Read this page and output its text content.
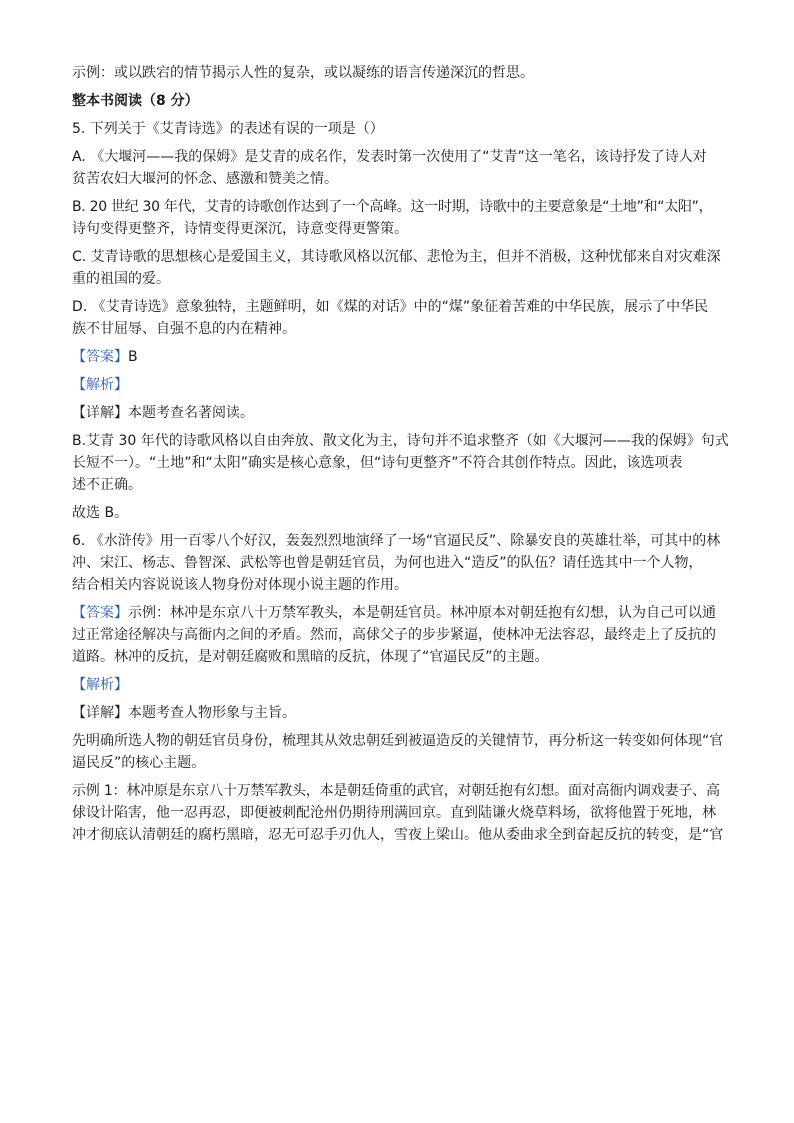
示例：或以跌宕的情节揭示人性的复杂，或以凝练的语言传递深沉的哲思。

整本书阅读（8 分）

5. 下列关于《艾青诗选》的表述有误的一项是（）

A. 《大堰河——我的保姆》是艾青的成名作，发表时第一次使用了“艾青”这一笔名，该诗抒发了诗人对

贫苦农妇大堰河的怀念、感激和赞美之情。

B. 20 世纪 30 年代，艾青的诗歌创作达到了一个高峰。这一时期，诗歌中的主要意象是“土地”和“太阳”，

诗句变得更整齐，诗情变得更深沉，诗意变得更警策。

C. 艾青诗歌的思想核心是爱国主义，其诗歌风格以沉郁、悲怆为主，但并不消极，这种忧郁来自对灾难深

重的祖国的爱。

D. 《艾青诗选》意象独特，主题鲜明，如《煤的对话》中的“煤”象征着苦难的中华民族，展示了中华民

族不甘屈辱、自强不息的内在精神。

【答案】B

【解析】

【详解】本题考查名著阅读。

B.艾青 30 年代的诗歌风格以自由奔放、散文化为主，诗句并不追求整齐（如《大堰河——我的保姆》句式

长短不一）。“土地”和“太阳”确实是核心意象，但“诗句更整齐”不符合其创作特点。因此，该选项表

述不正确。

故选 B。

6. 《水浒传》用一百零八个好汉，轰轰烈烈地演绎了一场“官逼民反”、除暴安良的英雄壮举，可其中的林

冲、宋江、杨志、鲁智深、武松等也曾是朝廷官员，为何也进入“造反”的队伍？请任选其中一个人物，

结合相关内容说说该人物身份对体现小说主题的作用。

【答案】示例：林冲是东京八十万禁军教头，本是朝廷官员。林冲原本对朝廷抱有幻想，认为自己可以通

过正常途径解决与高衙内之间的矛盾。然而，高俅父子的步步紧逼，使林冲无法容忍，最终走上了反抗的

道路。林冲的反抗，是对朝廷腐败和黑暗的反抗，体现了“官逼民反”的主题。

【解析】

【详解】本题考查人物形象与主旨。

先明确所选人物的朝廷官员身份，梳理其从效忠朝廷到被逼造反的关键情节，再分析这一转变如何体现“官

逼民反”的核心主题。

示例 1：林冲原是东京八十万禁军教头，本是朝廷倚重的武官，对朝廷抱有幻想。面对高衙内调戏妻子、高

俅设计陷害，他一忍再忍，即便被刺配沧州仍期待刑满回京。直到陆谦火烧草料场，欲将他置于死地，林

冲才彻底认清朝廷的腐朽黑暗，忍无可忍手刃仇人，雪夜上梁山。他从委曲求全到奋起反抗的转变，是“官
